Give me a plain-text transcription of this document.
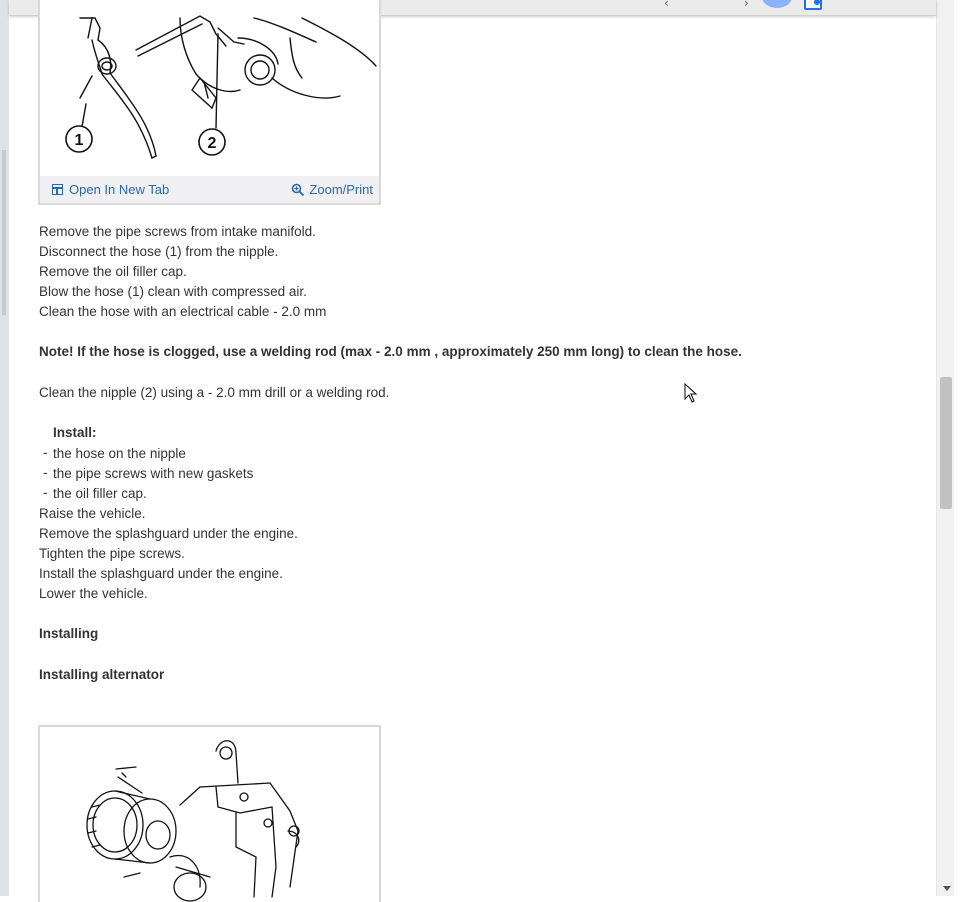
‹	›
1	2
Open In New Tab	Zoom/Print
Remove the pipe screws from intake manifold.
Disconnect the hose (1) from the nipple.
Remove the oil filler cap.
Blow the hose (1) clean with compressed air.
Clean the hose with an electrical cable - 2.0 mm
Note! If the hose is clogged, use a welding rod (max - 2.0 mm , approximately 250 mm long) to clean the hose.
Clean the nipple (2) using a - 2.0 mm drill or a welding rod.
Install:
- the hose on the nipple
- the pipe screws with new gaskets
- the oil filler cap.
Raise the vehicle.
Remove the splashguard under the engine.
Tighten the pipe screws.
Install the splashguard under the engine.
Lower the vehicle.
Installing
Installing alternator
